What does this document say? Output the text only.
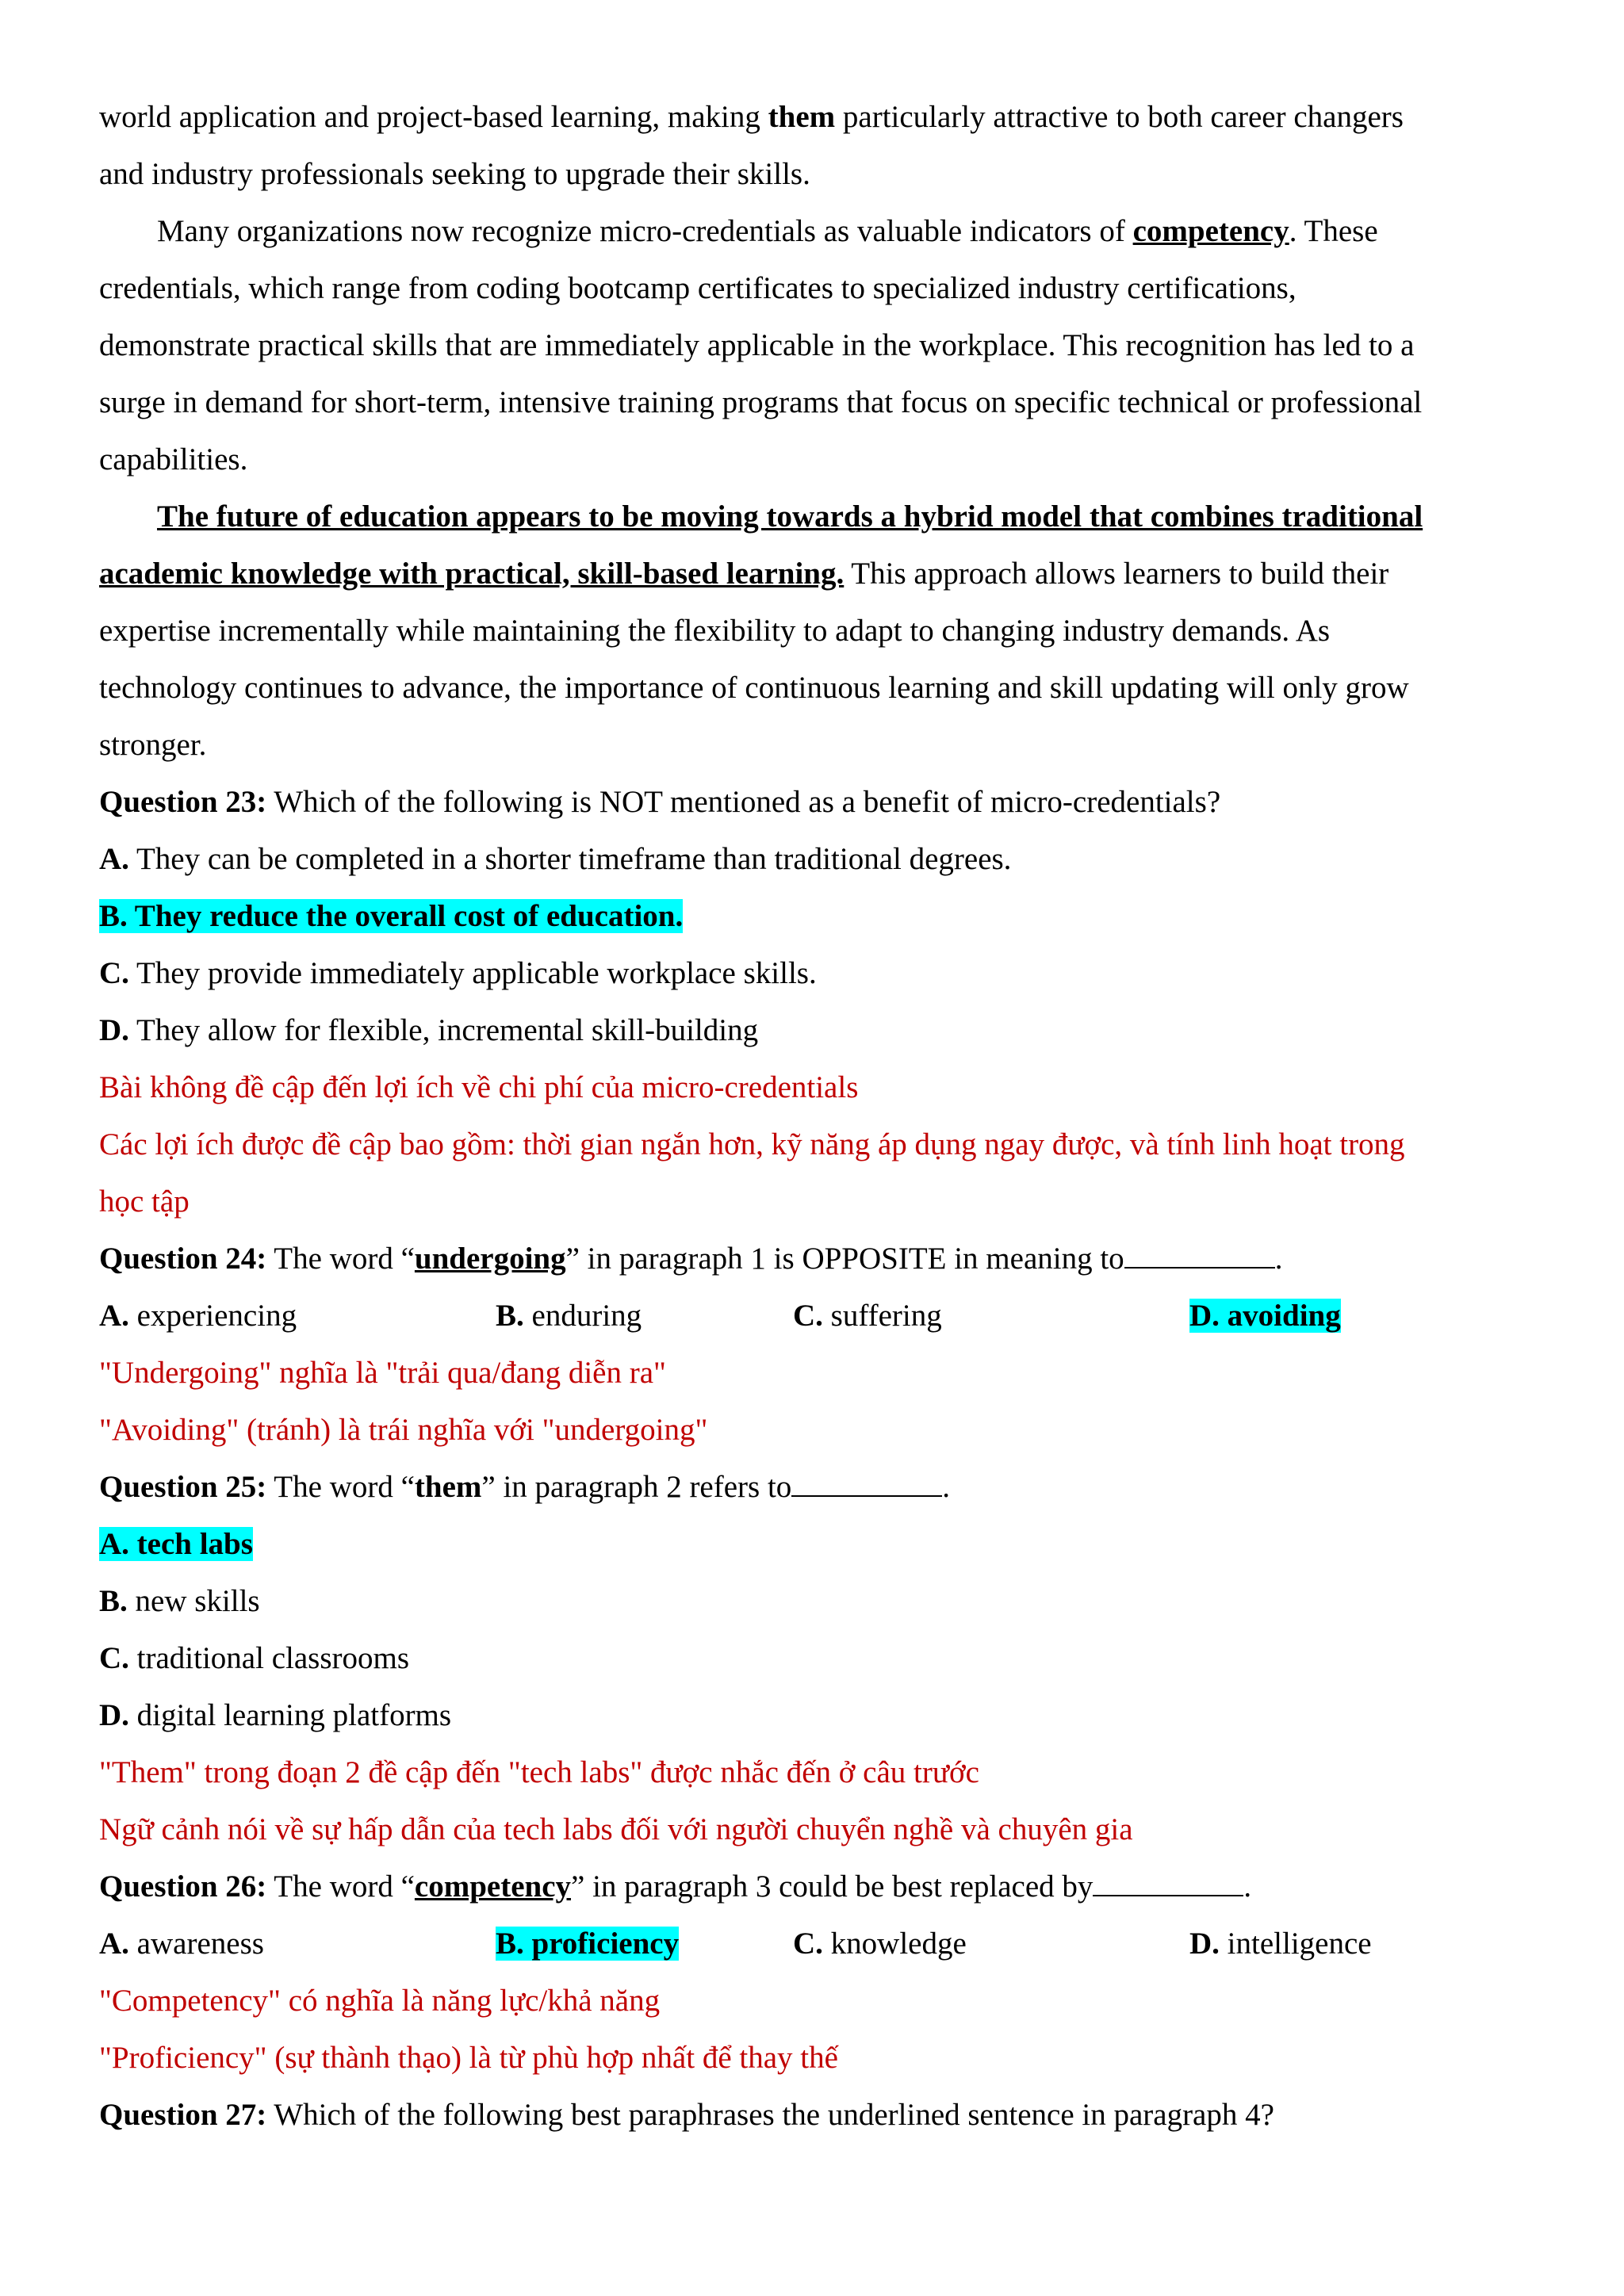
world application and project-based learning, making them particularly attractive to both career changers
and industry professionals seeking to upgrade their skills.
Many organizations now recognize micro-credentials as valuable indicators of competency. These
credentials, which range from coding bootcamp certificates to specialized industry certifications,
demonstrate practical skills that are immediately applicable in the workplace. This recognition has led to a
surge in demand for short-term, intensive training programs that focus on specific technical or professional
capabilities.
The future of education appears to be moving towards a hybrid model that combines traditional
academic knowledge with practical, skill-based learning. This approach allows learners to build their
expertise incrementally while maintaining the flexibility to adapt to changing industry demands. As
technology continues to advance, the importance of continuous learning and skill updating will only grow
stronger.
Question 23: Which of the following is NOT mentioned as a benefit of micro-credentials?
A. They can be completed in a shorter timeframe than traditional degrees.
B. They reduce the overall cost of education.
C. They provide immediately applicable workplace skills.
D. They allow for flexible, incremental skill-building
Bài không đề cập đến lợi ích về chi phí của micro-credentials
Các lợi ích được đề cập bao gồm: thời gian ngắn hơn, kỹ năng áp dụng ngay được, và tính linh hoạt trong
học tập
Question 24: The word “undergoing” in paragraph 1 is OPPOSITE in meaning to	.
A. experiencing	B. enduring	C. suffering	D. avoiding
"Undergoing" nghĩa là "trải qua/đang diễn ra"
"Avoiding" (tránh) là trái nghĩa với "undergoing"
Question 25: The word “them” in paragraph 2 refers to	.
A. tech labs
B. new skills
C. traditional classrooms
D. digital learning platforms
"Them" trong đoạn 2 đề cập đến "tech labs" được nhắc đến ở câu trước
Ngữ cảnh nói về sự hấp dẫn của tech labs đối với người chuyển nghề và chuyên gia
Question 26: The word “competency” in paragraph 3 could be best replaced by	.
A. awareness	B. proficiency	C. knowledge	D. intelligence
"Competency" có nghĩa là năng lực/khả năng
"Proficiency" (sự thành thạo) là từ phù hợp nhất để thay thế
Question 27: Which of the following best paraphrases the underlined sentence in paragraph 4?
